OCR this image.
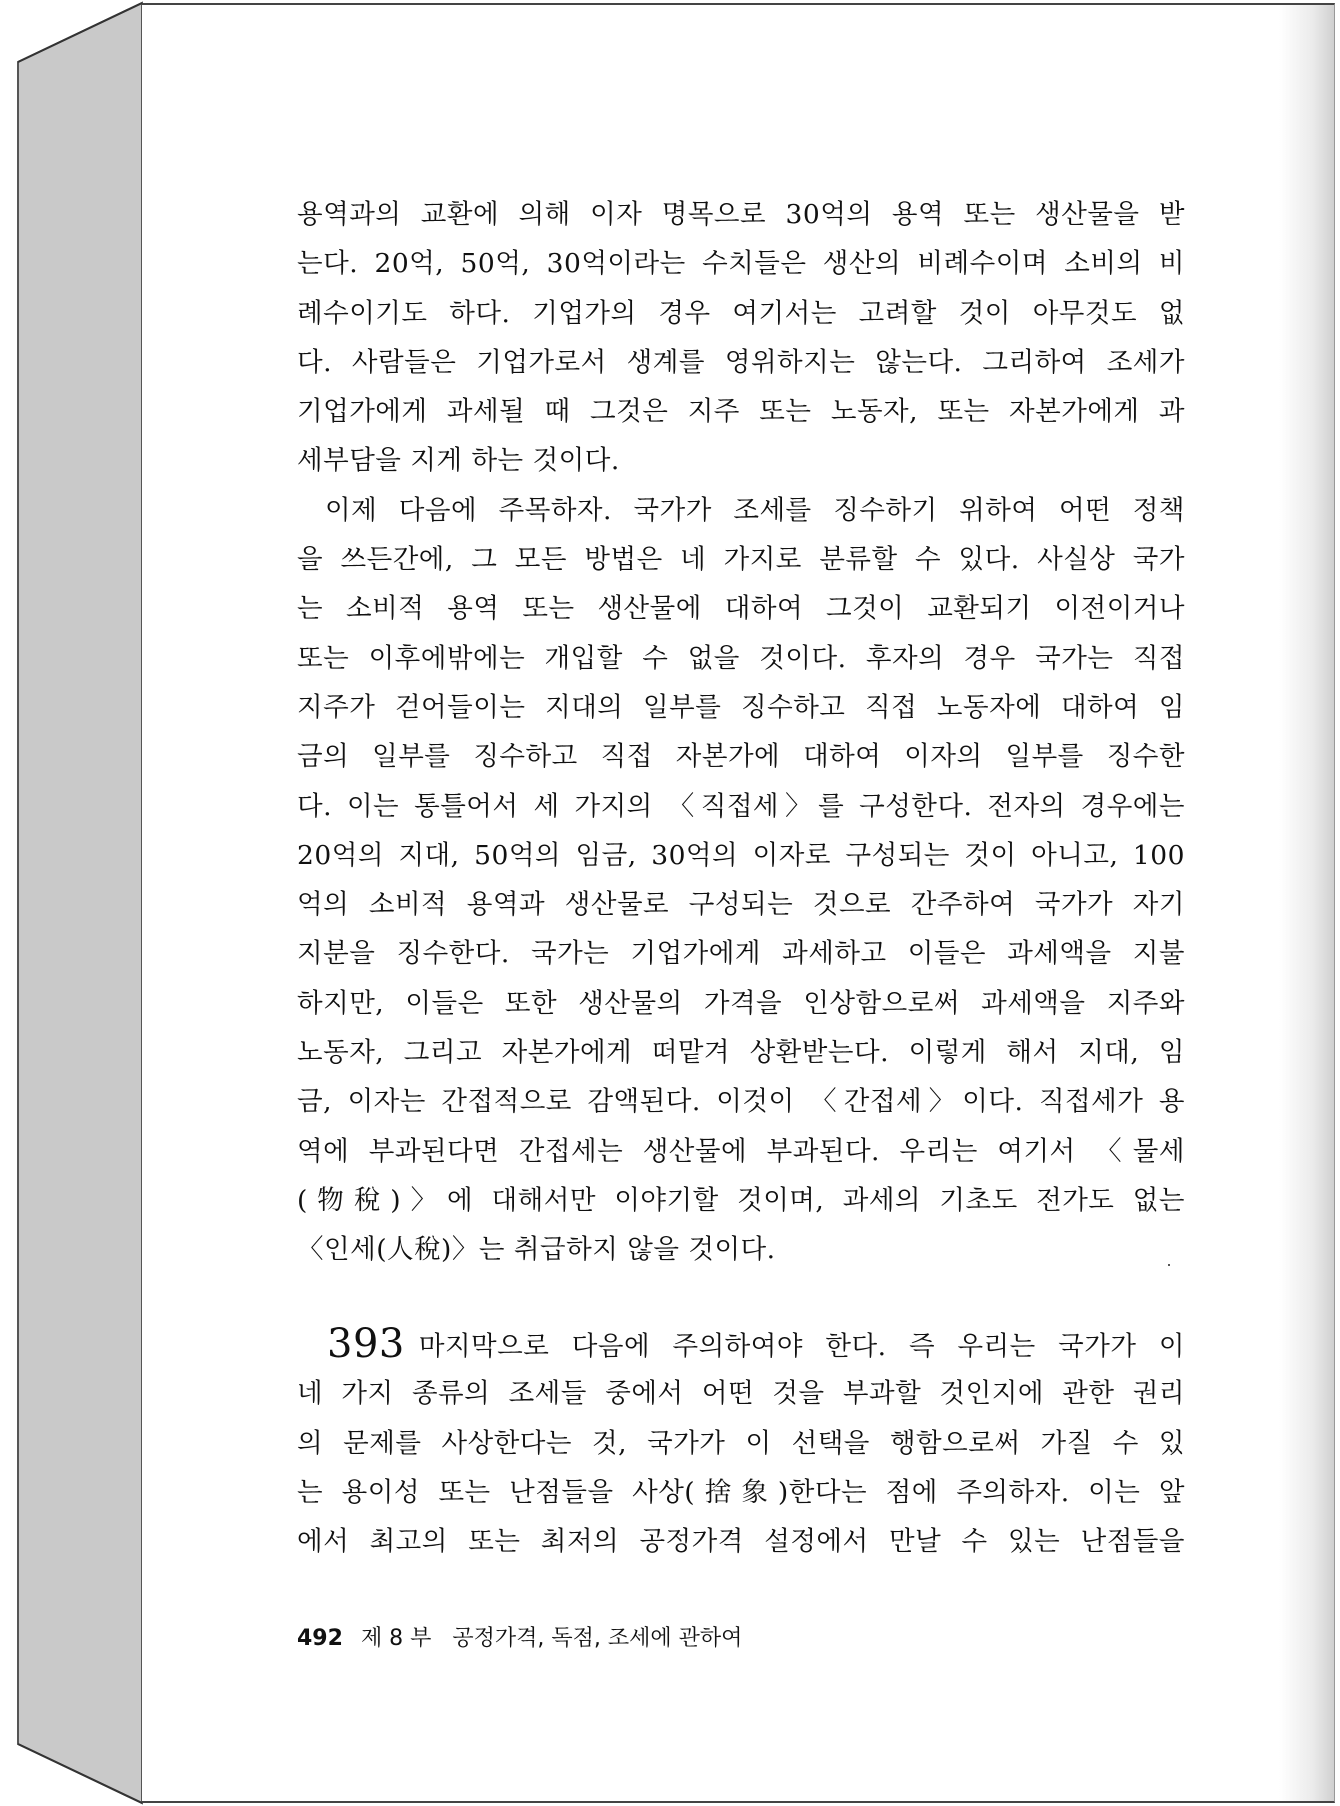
용역과의 교환에 의해 이자 명목으로 30억의 용역 또는 생산물을 받
는다. 20억, 50억, 30억이라는 수치들은 생산의 비례수이며 소비의 비
례수이기도 하다. 기업가의 경우 여기서는 고려할 것이 아무것도 없
다. 사람들은 기업가로서 생계를 영위하지는 않는다. 그리하여 조세가
기업가에게 과세될 때 그것은 지주 또는 노동자, 또는 자본가에게 과
세부담을 지게 하는 것이다.
이제 다음에 주목하자. 국가가 조세를 징수하기 위하여 어떤 정책
을 쓰든간에, 그 모든 방법은 네 가지로 분류할 수 있다. 사실상 국가
는 소비적 용역 또는 생산물에 대하여 그것이 교환되기 이전이거나
또는 이후에밖에는 개입할 수 없을 것이다. 후자의 경우 국가는 직접
지주가 걷어들이는 지대의 일부를 징수하고 직접 노동자에 대하여 임
금의 일부를 징수하고 직접 자본가에 대하여 이자의 일부를 징수한
다. 이는 통틀어서 세 가지의 〈직접세〉를 구성한다. 전자의 경우에는
20억의 지대, 50억의 임금, 30억의 이자로 구성되는 것이 아니고, 100
억의 소비적 용역과 생산물로 구성되는 것으로 간주하여 국가가 자기
지분을 징수한다. 국가는 기업가에게 과세하고 이들은 과세액을 지불
하지만, 이들은 또한 생산물의 가격을 인상함으로써 과세액을 지주와
노동자, 그리고 자본가에게 떠맡겨 상환받는다. 이렇게 해서 지대, 임
금, 이자는 간접적으로 감액된다. 이것이 〈간접세〉이다. 직접세가 용
역에 부과된다면 간접세는 생산물에 부과된다. 우리는 여기서 〈물세
(物稅)〉에 대해서만 이야기할 것이며, 과세의 기초도 전가도 없는
〈인세(人稅)〉는 취급하지 않을 것이다.
393 마지막으로 다음에 주의하여야 한다. 즉 우리는 국가가 이
네 가지 종류의 조세들 중에서 어떤 것을 부과할 것인지에 관한 권리
의 문제를 사상한다는 것, 국가가 이 선택을 행함으로써 가질 수 있
는 용이성 또는 난점들을 사상(捨象)한다는 점에 주의하자. 이는 앞
에서 최고의 또는 최저의 공정가격 설정에서 만날 수 있는 난점들을
492 제 8 부 공정가격, 독점, 조세에 관하여
